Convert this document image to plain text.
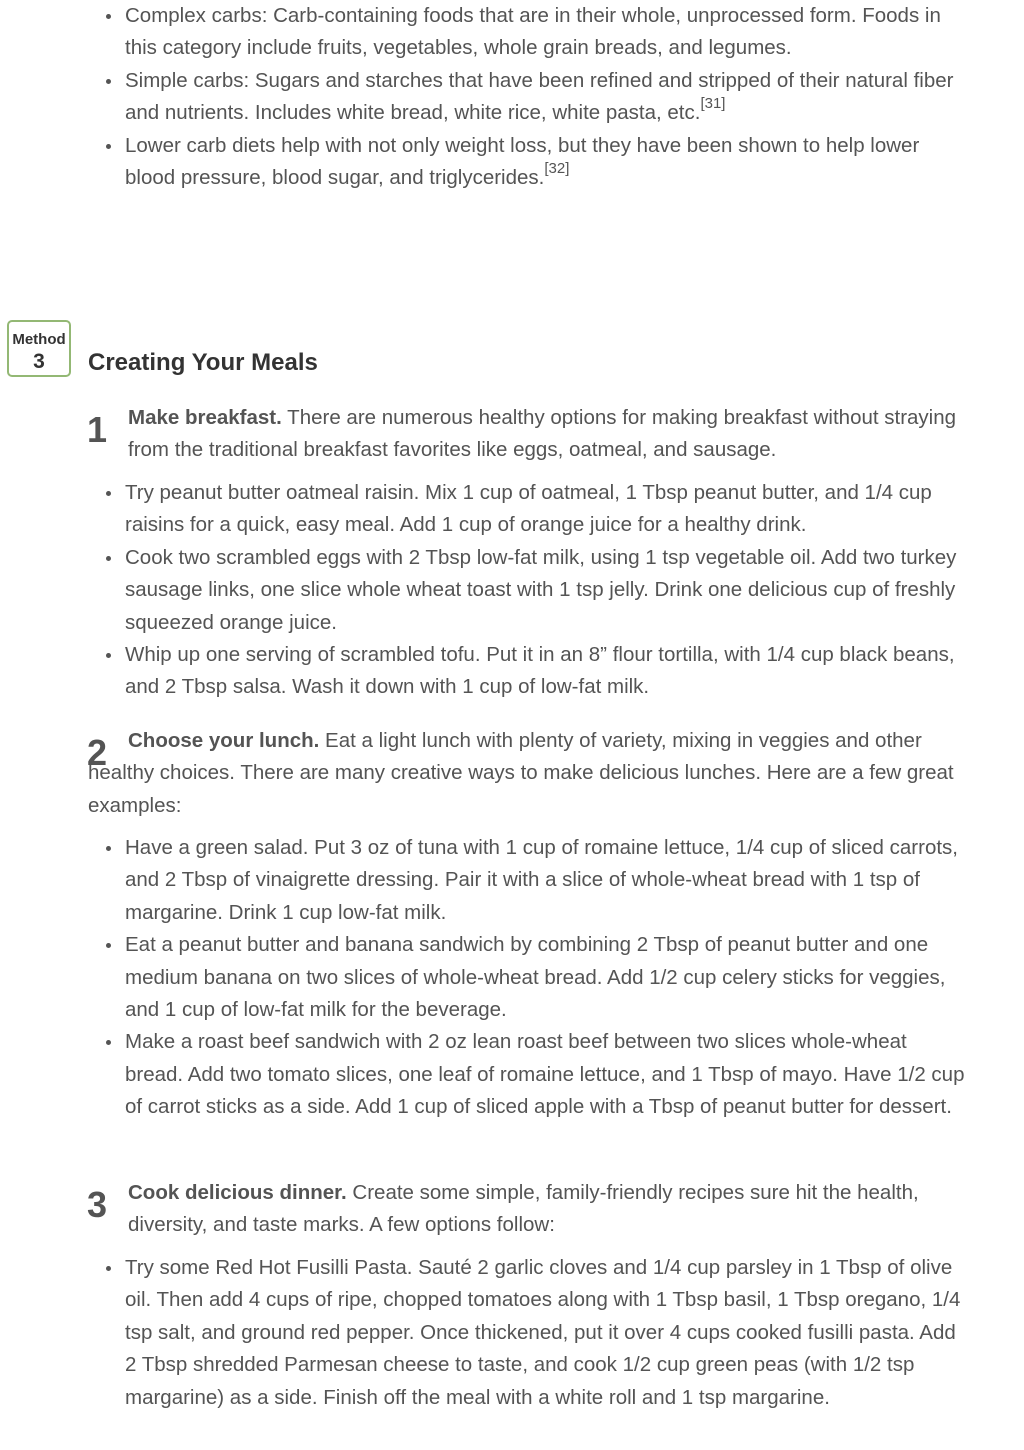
Complex carbs: Carb-containing foods that are in their whole, unprocessed form. Foods in this category include fruits, vegetables, whole grain breads, and legumes.
Simple carbs: Sugars and starches that have been refined and stripped of their natural fiber and nutrients. Includes white bread, white rice, white pasta, etc.[31]
Lower carb diets help with not only weight loss, but they have been shown to help lower blood pressure, blood sugar, and triglycerides.[32]
Method
3	Creating Your Meals
1 Make breakfast. There are numerous healthy options for making breakfast without straying from the traditional breakfast favorites like eggs, oatmeal, and sausage.

Try peanut butter oatmeal raisin. Mix 1 cup of oatmeal, 1 Tbsp peanut butter, and 1/4 cup raisins for a quick, easy meal. Add 1 cup of orange juice for a healthy drink.
Cook two scrambled eggs with 2 Tbsp low-fat milk, using 1 tsp vegetable oil. Add two turkey sausage links, one slice whole wheat toast with 1 tsp jelly. Drink one delicious cup of freshly squeezed orange juice.
Whip up one serving of scrambled tofu. Put it in an 8” flour tortilla, with 1/4 cup black beans, and 2 Tbsp salsa. Wash it down with 1 cup of low-fat milk.
2	Choose your lunch. Eat a light lunch with plenty of variety, mixing in veggies and other healthy choices. There are many creative ways to make delicious lunches. Here are a few great examples:

Have a green salad. Put 3 oz of tuna with 1 cup of romaine lettuce, 1/4 cup of sliced carrots, and 2 Tbsp of vinaigrette dressing. Pair it with a slice of whole-wheat bread with 1 tsp of margarine. Drink 1 cup low-fat milk.
Eat a peanut butter and banana sandwich by combining 2 Tbsp of peanut butter and one medium banana on two slices of whole-wheat bread. Add 1/2 cup celery sticks for veggies, and 1 cup of low-fat milk for the beverage.
Make a roast beef sandwich with 2 oz lean roast beef between two slices whole-wheat bread. Add two tomato slices, one leaf of romaine lettuce, and 1 Tbsp of mayo. Have 1/2 cup of carrot sticks as a side. Add 1 cup of sliced apple with a Tbsp of peanut butter for dessert.
3 Cook delicious dinner. Create some simple, family-friendly recipes sure hit the health, diversity, and taste marks. A few options follow:

Try some Red Hot Fusilli Pasta. Sauté 2 garlic cloves and 1/4 cup parsley in 1 Tbsp of olive oil. Then add 4 cups of ripe, chopped tomatoes along with 1 Tbsp basil, 1 Tbsp oregano, 1/4 tsp salt, and ground red pepper. Once thickened, put it over 4 cups cooked fusilli pasta. Add 2 Tbsp shredded Parmesan cheese to taste, and cook 1/2 cup green peas (with 1/2 tsp margarine) as a side. Finish off the meal with a white roll and 1 tsp margarine.
